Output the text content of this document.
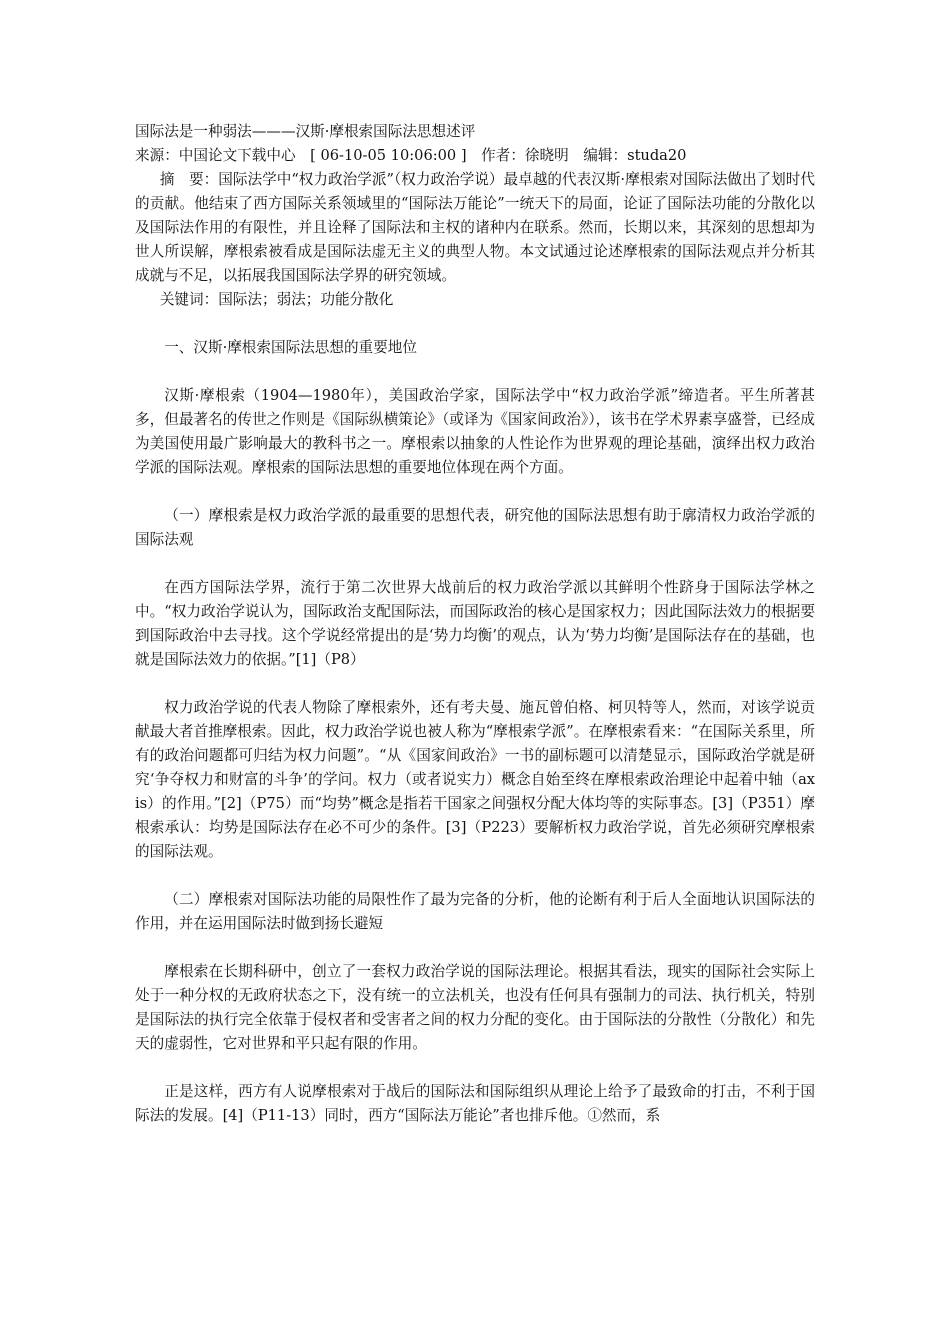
国际法是一种弱法———汉斯·摩根索国际法思想述评
来源：中国论文下载中心　[ 06-10-05 10:06:00 ]　作者：徐晓明　编辑：studa20

摘　要：国际法学中“权力政治学派”（权力政治学说）最卓越的代表汉斯·摩根索对国际法做出了划时代的贡献。他结束了西方国际关系领域里的“国际法万能论”一统天下的局面，论证了国际法功能的分散化以及国际法作用的有限性，并且诠释了国际法和主权的诸种内在联系。然而，长期以来，其深刻的思想却为世人所误解，摩根索被看成是国际法虚无主义的典型人物。本文试通过论述摩根索的国际法观点并分析其成就与不足，以拓展我国国际法学界的研究领域。

关键词：国际法；弱法；功能分散化

一、汉斯·摩根索国际法思想的重要地位

汉斯·摩根索（1904—1980年），美国政治学家，国际法学中“权力政治学派”缔造者。平生所著甚多，但最著名的传世之作则是《国际纵横策论》（或译为《国家间政治》），该书在学术界素享盛誉，已经成为美国使用最广影响最大的教科书之一。摩根索以抽象的人性论作为世界观的理论基础，演绎出权力政治学派的国际法观。摩根索的国际法思想的重要地位体现在两个方面。

（一）摩根索是权力政治学派的最重要的思想代表，研究他的国际法思想有助于廓清权力政治学派的国际法观

在西方国际法学界，流行于第二次世界大战前后的权力政治学派以其鲜明个性跻身于国际法学林之中。“权力政治学说认为，国际政治支配国际法，而国际政治的核心是国家权力；因此国际法效力的根据要到国际政治中去寻找。这个学说经常提出的是‘势力均衡’的观点，认为‘势力均衡’是国际法存在的基础，也就是国际法效力的依据。”[1]（P8）

权力政治学说的代表人物除了摩根索外，还有考夫曼、施瓦曾伯格、柯贝特等人，然而，对该学说贡献最大者首推摩根索。因此，权力政治学说也被人称为“摩根索学派”。在摩根索看来：“在国际关系里，所有的政治问题都可归结为权力问题”。“从《国家间政治》一书的副标题可以清楚显示，国际政治学就是研究‘争夺权力和财富的斗争’的学问。权力（或者说实力）概念自始至终在摩根索政治理论中起着中轴（ax is）的作用。”[2]（P75）而“均势”概念是指若干国家之间强权分配大体均等的实际事态。[3]（P351）摩根索承认：均势是国际法存在必不可少的条件。[3]（P223）要解析权力政治学说，首先必须研究摩根索的国际法观。

（二）摩根索对国际法功能的局限性作了最为完备的分析，他的论断有利于后人全面地认识国际法的作用，并在运用国际法时做到扬长避短

摩根索在长期科研中，创立了一套权力政治学说的国际法理论。根据其看法，现实的国际社会实际上处于一种分权的无政府状态之下，没有统一的立法机关，也没有任何具有强制力的司法、执行机关，特别是国际法的执行完全依靠于侵权者和受害者之间的权力分配的变化。由于国际法的分散性（分散化）和先天的虚弱性，它对世界和平只起有限的作用。

正是这样，西方有人说摩根索对于战后的国际法和国际组织从理论上给予了最致命的打击，不利于国际法的发展。[4]（P11-13）同时，西方“国际法万能论”者也排斥他。①然而，系
